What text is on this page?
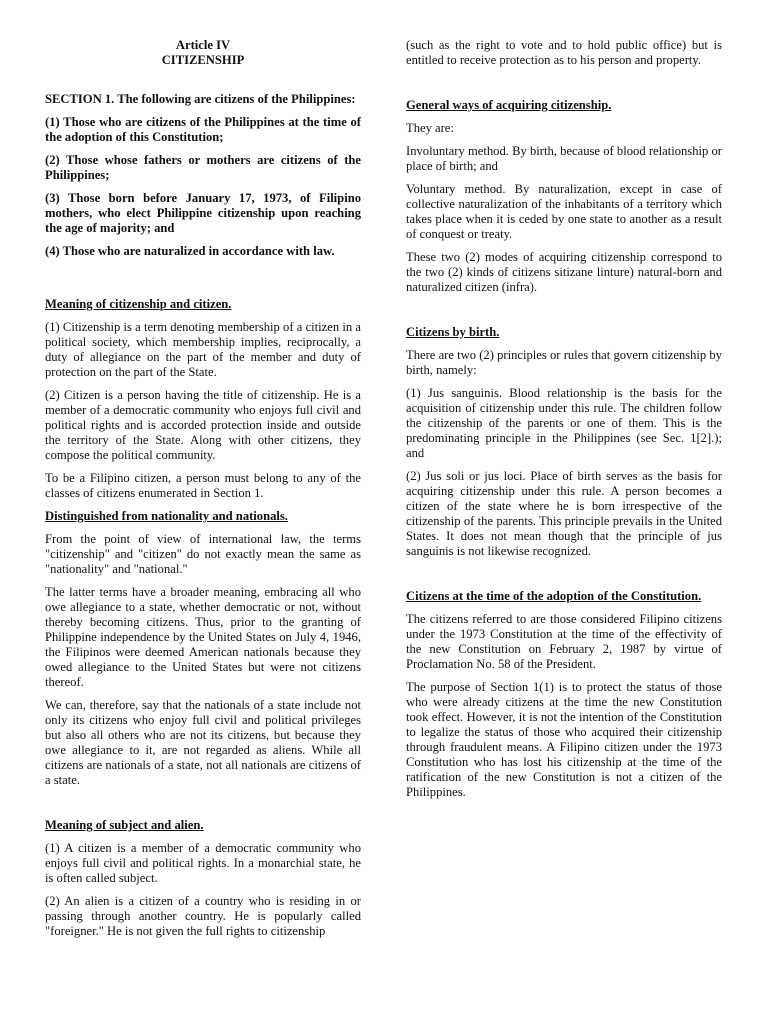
Article IV

CITIZENSHIP

SECTION 1. The following are citizens of the Philippines:

(1) Those who are citizens of the Philippines at the time of the adoption of this Constitution;

(2) Those whose fathers or mothers are citizens of the Philippines;

(3) Those born before January 17, 1973, of Filipino mothers, who elect Philippine citizenship upon reaching the age of majority; and

(4) Those who are naturalized in accordance with law.

Meaning of citizenship and citizen.

(1) Citizenship is a term denoting membership of a citizen in a political society, which membership implies, reciprocally, a duty of allegiance on the part of the member and duty of protection on the part of the State.

(2) Citizen is a person having the title of citizenship. He is a member of a democratic community who enjoys full civil and political rights and is accorded protection inside and outside the territory of the State. Along with other citizens, they compose the political community.

To be a Filipino citizen, a person must belong to any of the classes of citizens enumerated in Section 1.

Distinguished from nationality and nationals.

From the point of view of international law, the terms "citizenship" and "citizen" do not exactly mean the same as "nationality" and "national."

The latter terms have a broader meaning, embracing all who owe allegiance to a state, whether democratic or not, without thereby becoming citizens. Thus, prior to the granting of Philippine independence by the United States on July 4, 1946, the Filipinos were deemed American nationals because they owed allegiance to the United States but were not citizens thereof.

We can, therefore, say that the nationals of a state include not only its citizens who enjoy full civil and political privileges but also all others who are not its citizens, but because they owe allegiance to it, are not regarded as aliens. While all citizens are nationals of a state, not all nationals are citizens of a state.

Meaning of subject and alien.

(1) A citizen is a member of a democratic community who enjoys full civil and political rights. In a monarchial state, he is often called subject.

(2) An alien is a citizen of a country who is residing in or passing through another country. He is popularly called "foreigner." He is not given the full rights to citizenship

(such as the right to vote and to hold public office) but is entitled to receive protection as to his person and property.

General ways of acquiring citizenship.

They are:

Involuntary method. By birth, because of blood relationship or place of birth; and

Voluntary method. By naturalization, except in case of collective naturalization of the inhabitants of a territory which takes place when it is ceded by one state to another as a result of conquest or treaty.

These two (2) modes of acquiring citizenship correspond to the two (2) kinds of citizens sitizane linture) natural-born and naturalized citizen (infra).

Citizens by birth.

There are two (2) principles or rules that govern citizenship by birth, namely:

(1) Jus sanguinis. Blood relationship is the basis for the acquisition of citizenship under this rule. The children follow the citizenship of the parents or one of them. This is the predominating principle in the Philippines (see Sec. 1[2].); and

(2) Jus soli or jus loci. Place of birth serves as the basis for acquiring citizenship under this rule. A person becomes a citizen of the state where he is born irrespective of the citizenship of the parents. This principle prevails in the United States. It does not mean though that the principle of jus sanguinis is not likewise recognized.

Citizens at the time of the adoption of the Constitution.

The citizens referred to are those considered Filipino citizens under the 1973 Constitution at the time of the effectivity of the new Constitution on February 2, 1987 by virtue of Proclamation No. 58 of the President.

The purpose of Section 1(1) is to protect the status of those who were already citizens at the time the new Constitution took effect. However, it is not the intention of the Constitution to legalize the status of those who acquired their citizenship through fraudulent means. A Filipino citizen under the 1973 Constitution who has lost his citizenship at the time of the ratification of the new Constitution is not a citizen of the Philippines.
